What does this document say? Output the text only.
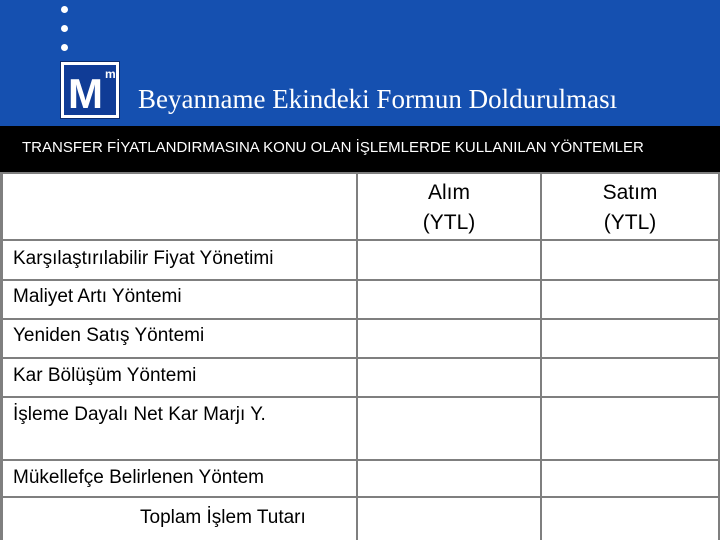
M m
Beyanname Ekindeki Formun Doldurulması
TRANSFER FİYATLANDIRMASINA KONU OLAN İŞLEMLERDE KULLANILAN YÖNTEMLER
Alım
(YTL)
Satım
(YTL)
Karşılaştırılabilir Fiyat Yönetimi
Maliyet Artı Yöntemi
Yeniden Satış Yöntemi
Kar Bölüşüm Yöntemi
İşleme Dayalı Net Kar Marjı Y.
Mükellefçe Belirlenen Yöntem
Toplam İşlem Tutarı
